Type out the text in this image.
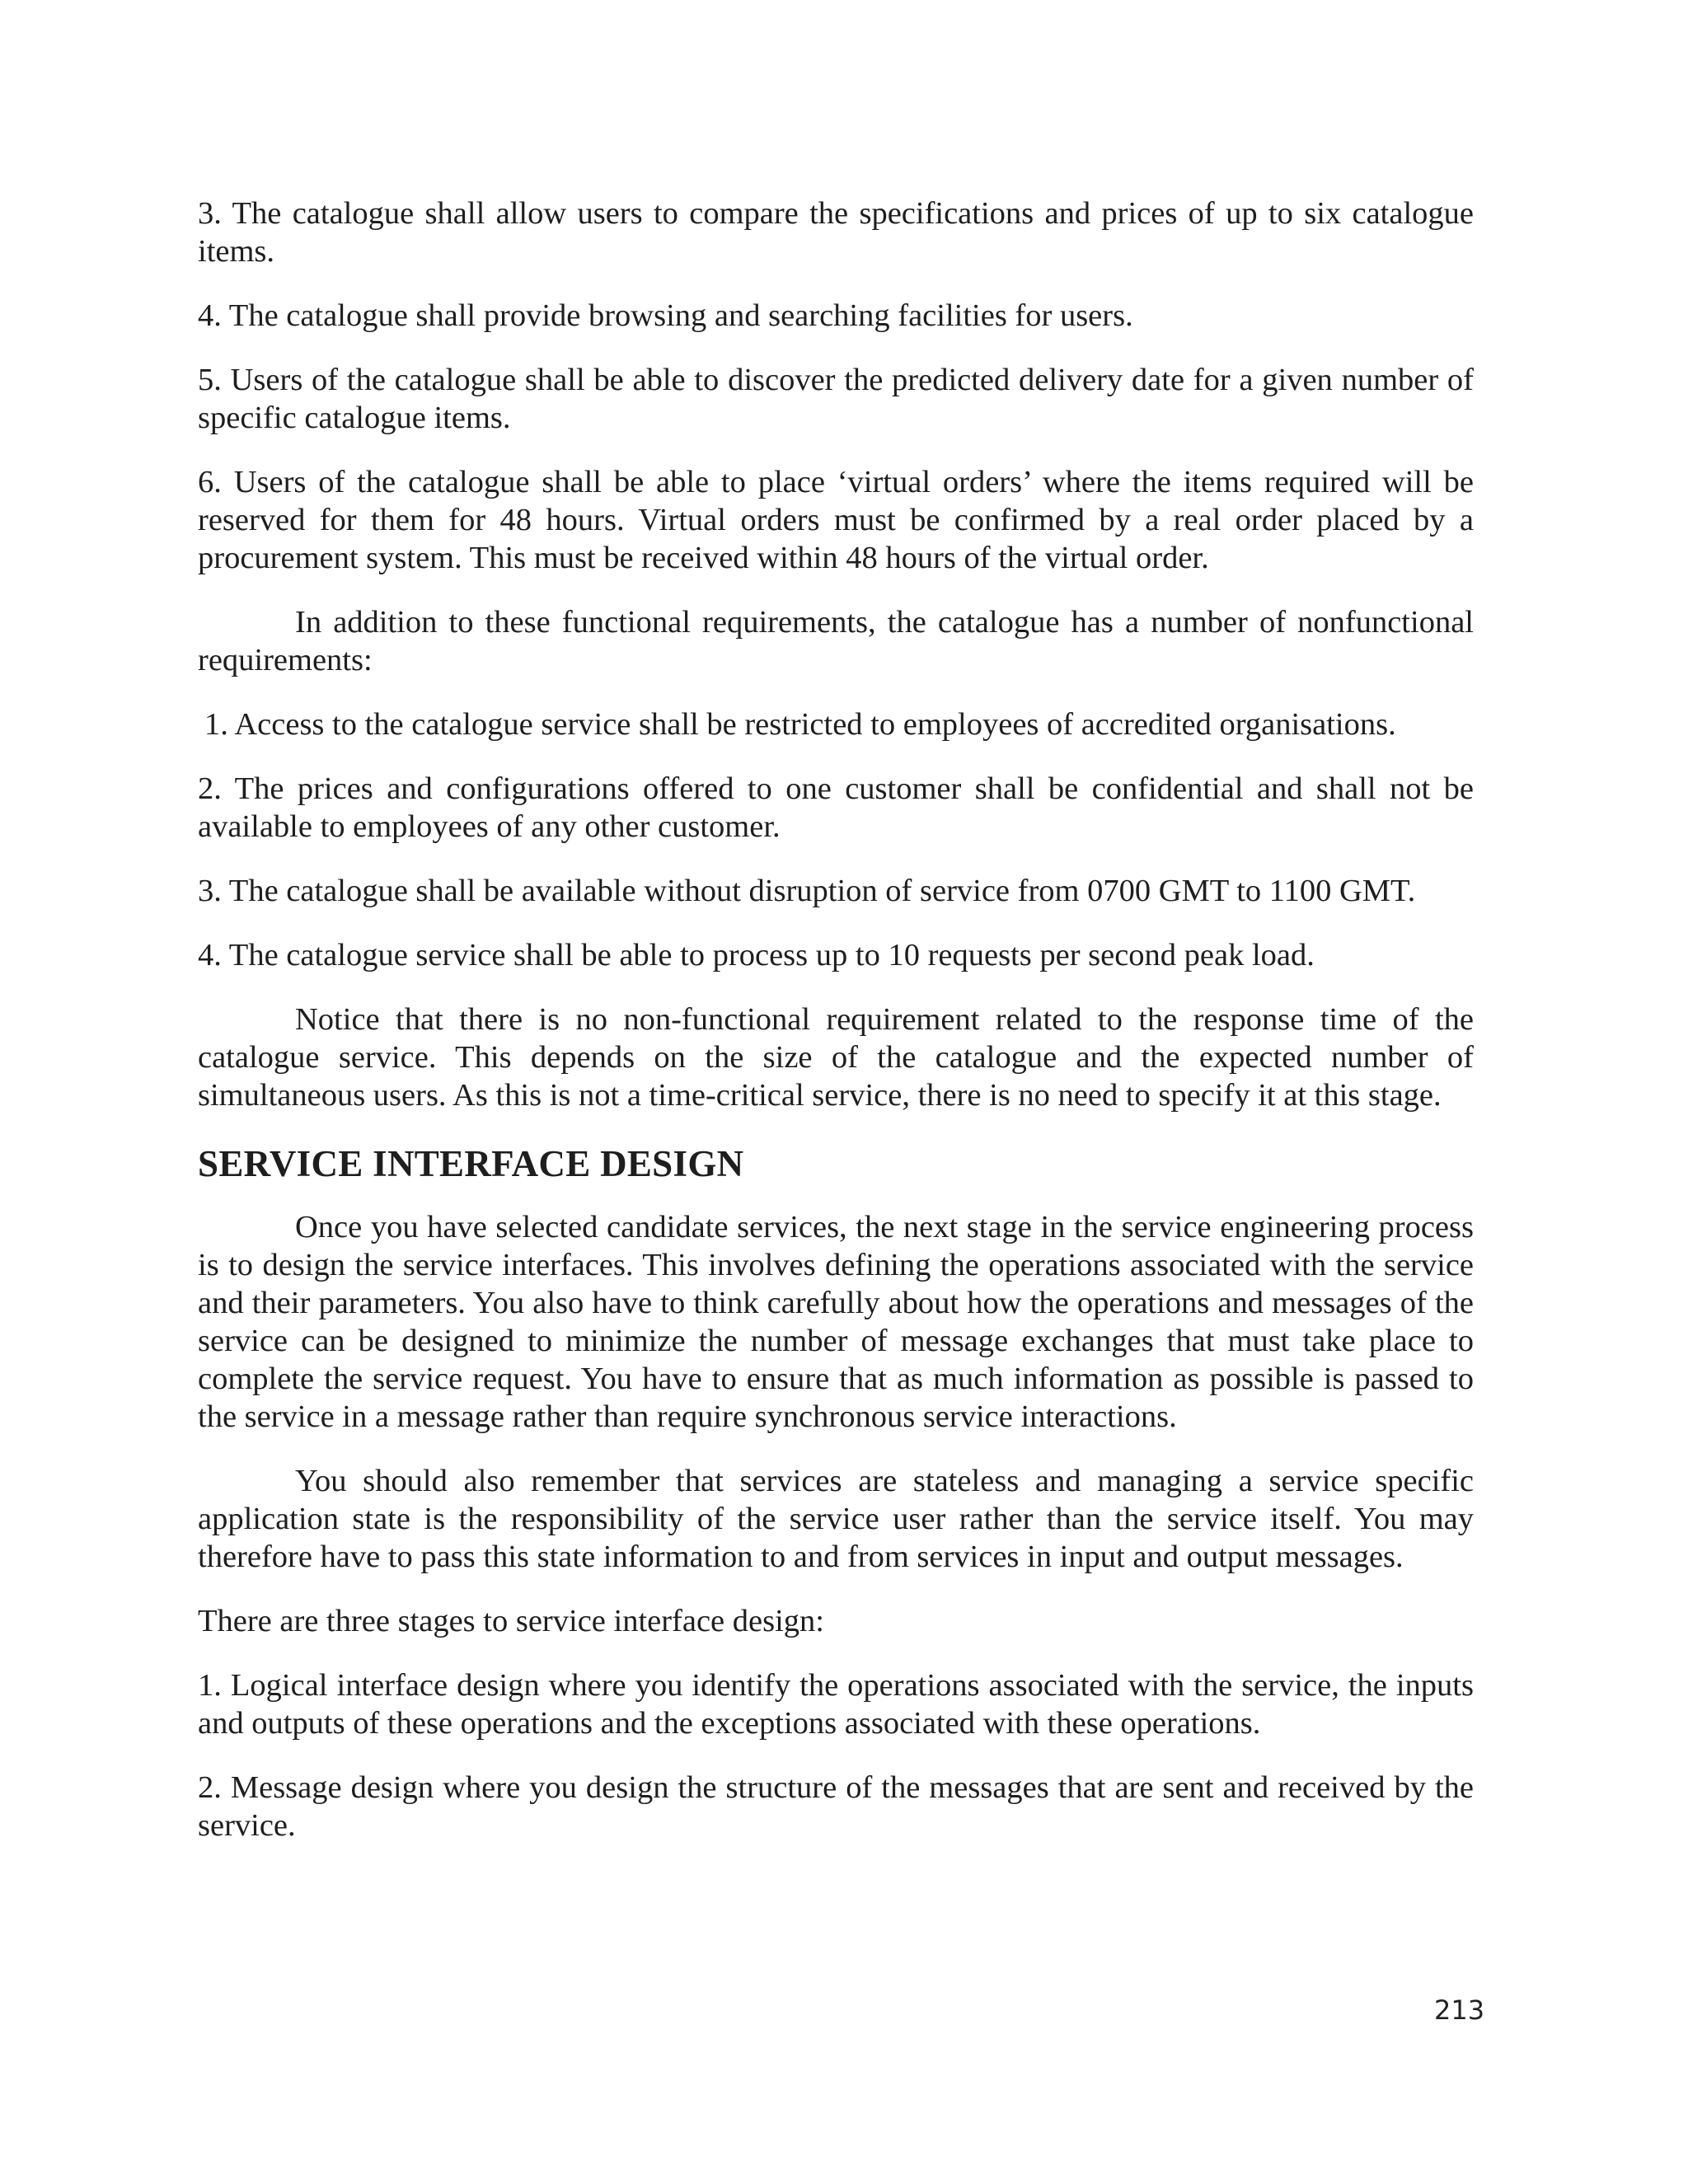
3. The catalogue shall allow users to compare the specifications and prices of up to six catalogue items.

4. The catalogue shall provide browsing and searching facilities for users.

5. Users of the catalogue shall be able to discover the predicted delivery date for a given number of specific catalogue items.

6. Users of the catalogue shall be able to place ‘virtual orders’ where the items required will be reserved for them for 48 hours. Virtual orders must be confirmed by a real order placed by a procurement system. This must be received within 48 hours of the virtual order.

In addition to these functional requirements, the catalogue has a number of nonfunctional requirements:

1. Access to the catalogue service shall be restricted to employees of accredited organisations.

2. The prices and configurations offered to one customer shall be confidential and shall not be available to employees of any other customer.

3. The catalogue shall be available without disruption of service from 0700 GMT to 1100 GMT.

4. The catalogue service shall be able to process up to 10 requests per second peak load.

Notice that there is no non-functional requirement related to the response time of the catalogue service. This depends on the size of the catalogue and the expected number of simultaneous users. As this is not a time-critical service, there is no need to specify it at this stage.

SERVICE INTERFACE DESIGN

Once you have selected candidate services, the next stage in the service engineering process is to design the service interfaces. This involves defining the operations associated with the service and their parameters. You also have to think carefully about how the operations and messages of the service can be designed to minimize the number of message exchanges that must take place to complete the service request. You have to ensure that as much information as possible is passed to the service in a message rather than require synchronous service interactions.

You should also remember that services are stateless and managing a service specific application state is the responsibility of the service user rather than the service itself. You may therefore have to pass this state information to and from services in input and output messages.

There are three stages to service interface design:

1. Logical interface design where you identify the operations associated with the service, the inputs and outputs of these operations and the exceptions associated with these operations.

2. Message design where you design the structure of the messages that are sent and received by the service.

213
